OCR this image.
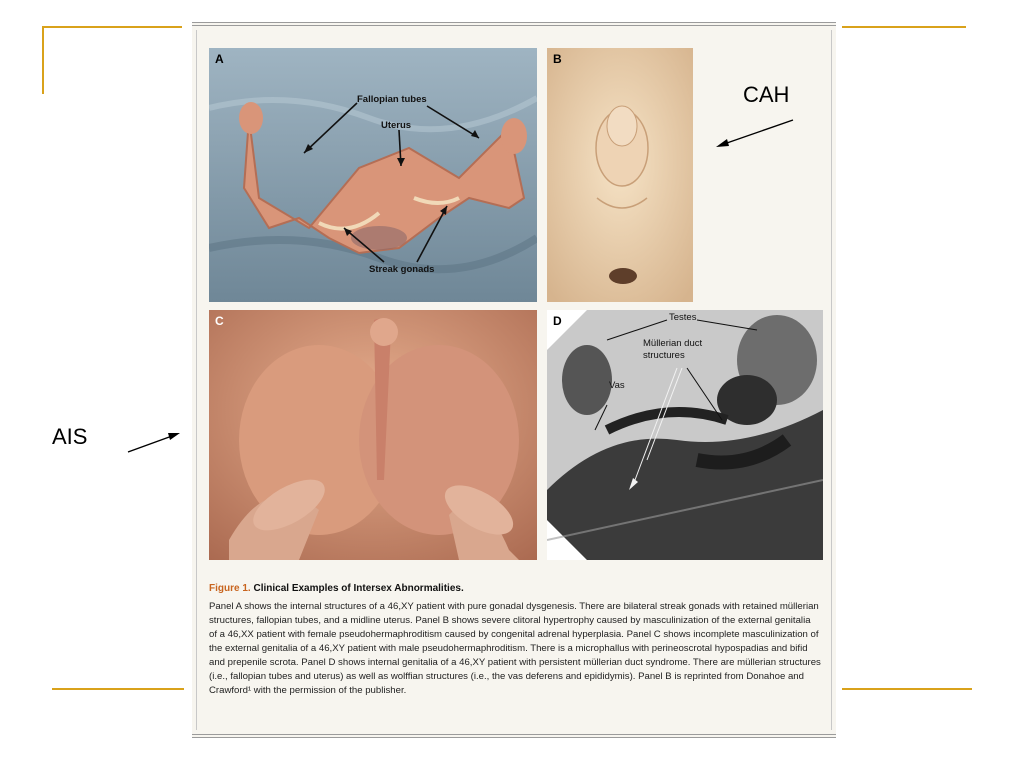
A
Fallopian tubes
Uterus
Streak gonads
B
C	D	Testes
Müllerian duct
structures
Vas

Figure 1. Clinical Examples of Intersex Abnormalities.

Panel A shows the internal structures of a 46,XY patient with pure gonadal dysgenesis. There are bilateral streak gonads with retained müllerian structures, fallopian tubes, and a midline uterus. Panel B shows severe clitoral hypertrophy caused by masculinization of the external genitalia of a 46,XX patient with female pseudohermaphroditism caused by congenital adrenal hyperplasia. Panel C shows incomplete masculinization of the external genitalia of a 46,XY patient with male pseudohermaphroditism. There is a microphallus with perineoscrotal hypospadias and bifid and prepenile scrota. Panel D shows internal genitalia of a 46,XY patient with persistent müllerian duct syndrome. There are müllerian structures (i.e., fallopian tubes and uterus) as well as wolffian structures (i.e., the vas deferens and epididymis). Panel B is reprinted from Donahoe and Crawford¹ with the permission of the publisher.

CAH
AIS
